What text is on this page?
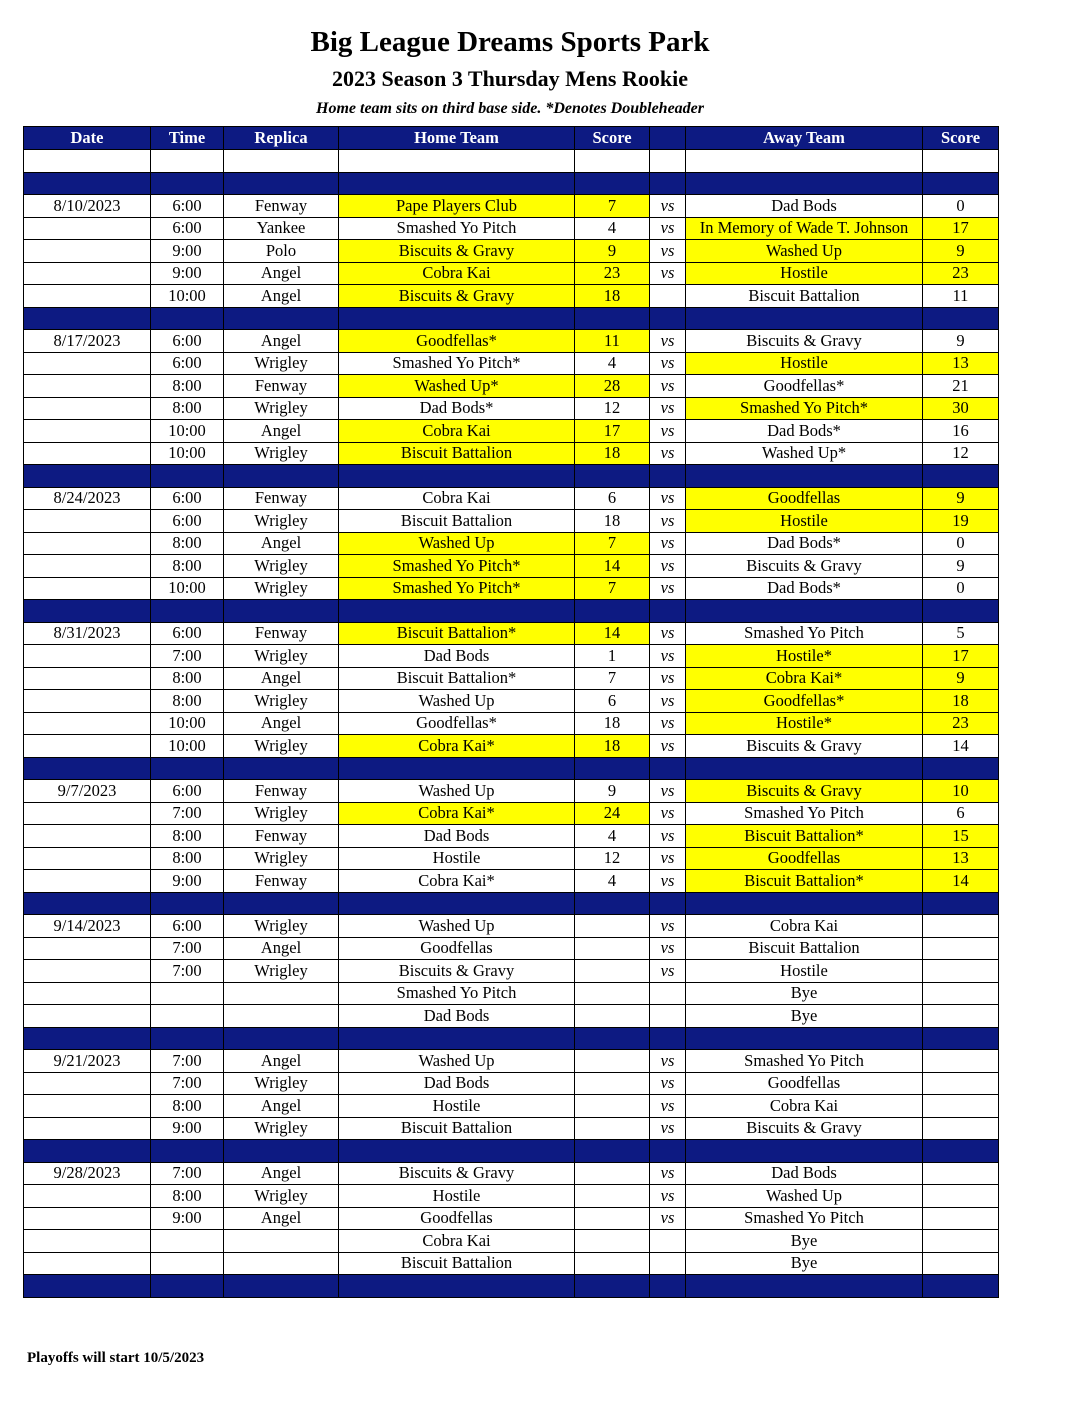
Big League Dreams Sports Park
2023 Season 3 Thursday Mens Rookie
Home team sits on third base side. *Denotes Doubleheader
Date	Time	Replica	Home Team	Score		Away Team	Score

8/10/2023	6:00	Fenway	Pape Players Club	7	vs	Dad Bods	0
	6:00	Yankee	Smashed Yo Pitch	4	vs	In Memory of Wade T. Johnson	17
	9:00	Polo	Biscuits & Gravy	9	vs	Washed Up	9
	9:00	Angel	Cobra Kai	23	vs	Hostile	23
	10:00	Angel	Biscuits & Gravy	18		Biscuit Battalion	11

8/17/2023	6:00	Angel	Goodfellas*	11	vs	Biscuits & Gravy	9
	6:00	Wrigley	Smashed Yo Pitch*	4	vs	Hostile	13
	8:00	Fenway	Washed Up*	28	vs	Goodfellas*	21
	8:00	Wrigley	Dad Bods*	12	vs	Smashed Yo Pitch*	30
	10:00	Angel	Cobra Kai	17	vs	Dad Bods*	16
	10:00	Wrigley	Biscuit Battalion	18	vs	Washed Up*	12

8/24/2023	6:00	Fenway	Cobra Kai	6	vs	Goodfellas	9
	6:00	Wrigley	Biscuit Battalion	18	vs	Hostile	19
	8:00	Angel	Washed Up	7	vs	Dad Bods*	0
	8:00	Wrigley	Smashed Yo Pitch*	14	vs	Biscuits & Gravy	9
	10:00	Wrigley	Smashed Yo Pitch*	7	vs	Dad Bods*	0

8/31/2023	6:00	Fenway	Biscuit Battalion*	14	vs	Smashed Yo Pitch	5
	7:00	Wrigley	Dad Bods	1	vs	Hostile*	17
	8:00	Angel	Biscuit Battalion*	7	vs	Cobra Kai*	9
	8:00	Wrigley	Washed Up	6	vs	Goodfellas*	18
	10:00	Angel	Goodfellas*	18	vs	Hostile*	23
	10:00	Wrigley	Cobra Kai*	18	vs	Biscuits & Gravy	14

9/7/2023	6:00	Fenway	Washed Up	9	vs	Biscuits & Gravy	10
	7:00	Wrigley	Cobra Kai*	24	vs	Smashed Yo Pitch	6
	8:00	Fenway	Dad Bods	4	vs	Biscuit Battalion*	15
	8:00	Wrigley	Hostile	12	vs	Goodfellas	13
	9:00	Fenway	Cobra Kai*	4	vs	Biscuit Battalion*	14

9/14/2023	6:00	Wrigley	Washed Up		vs	Cobra Kai	
	7:00	Angel	Goodfellas		vs	Biscuit Battalion	
	7:00	Wrigley	Biscuits & Gravy		vs	Hostile	
			Smashed Yo Pitch			Bye	
			Dad Bods			Bye	

9/21/2023	7:00	Angel	Washed Up		vs	Smashed Yo Pitch	
	7:00	Wrigley	Dad Bods		vs	Goodfellas	
	8:00	Angel	Hostile		vs	Cobra Kai	
	9:00	Wrigley	Biscuit Battalion		vs	Biscuits & Gravy	

9/28/2023	7:00	Angel	Biscuits & Gravy		vs	Dad Bods	
	8:00	Wrigley	Hostile		vs	Washed Up	
	9:00	Angel	Goodfellas		vs	Smashed Yo Pitch	
			Cobra Kai			Bye	
			Biscuit Battalion			Bye	

Playoffs will start 10/5/2023
